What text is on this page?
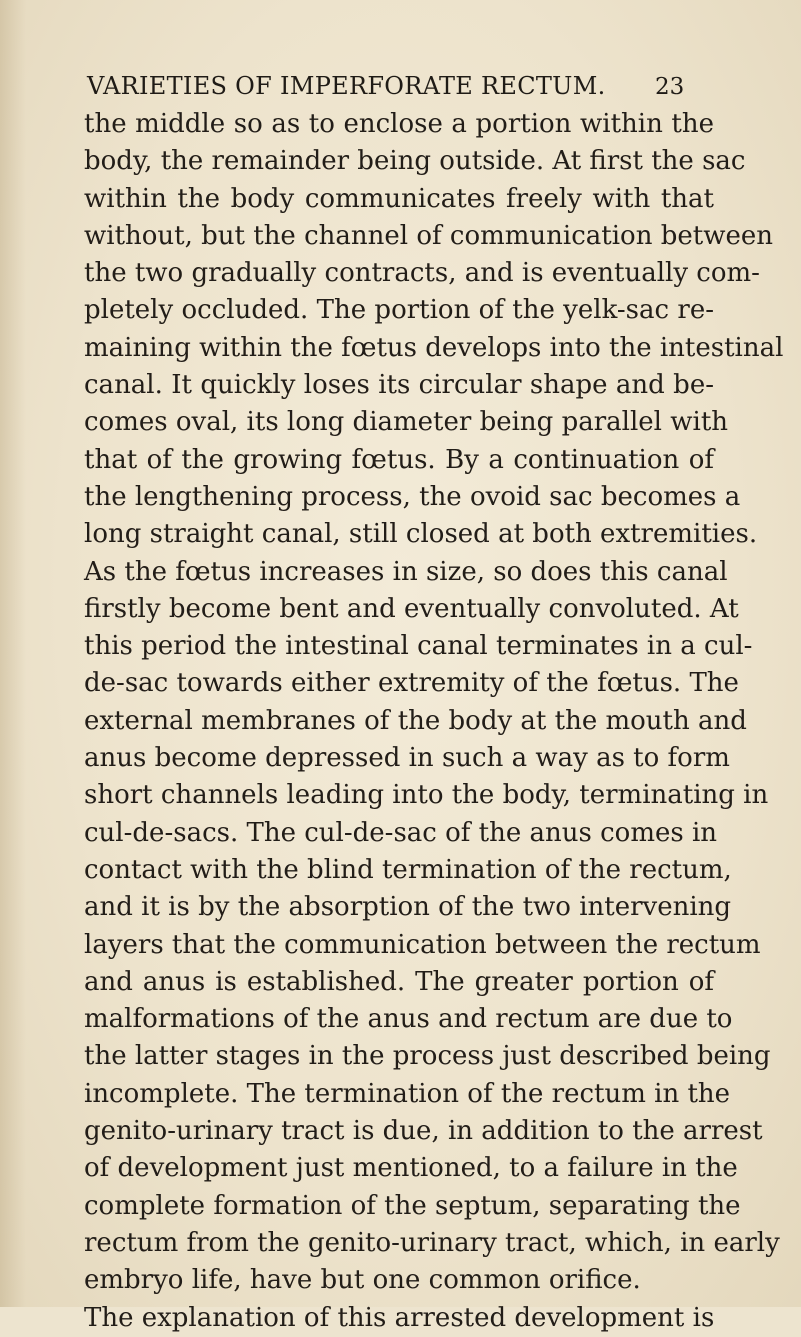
VARIETIES OF IMPERFORATE RECTUM. 23
the middle so as to enclose a portion within the
body, the remainder being outside. At first the sac
within the body communicates freely with that
without, but the channel of communication between
the two gradually contracts, and is eventually com-
pletely occluded. The portion of the yelk-sac re-
maining within the fœtus develops into the intestinal
canal. It quickly loses its circular shape and be-
comes oval, its long diameter being parallel with
that of the growing fœtus. By a continuation of
the lengthening process, the ovoid sac becomes a
long straight canal, still closed at both extremities.
As the fœtus increases in size, so does this canal
firstly become bent and eventually convoluted. At
this period the intestinal canal terminates in a cul-
de-sac towards either extremity of the fœtus. The
external membranes of the body at the mouth and
anus become depressed in such a way as to form
short channels leading into the body, terminating in
cul-de-sacs. The cul-de-sac of the anus comes in
contact with the blind termination of the rectum,
and it is by the absorption of the two intervening
layers that the communication between the rectum
and anus is established. The greater portion of
malformations of the anus and rectum are due to
the latter stages in the process just described being
incomplete. The termination of the rectum in the
genito-urinary tract is due, in addition to the arrest
of development just mentioned, to a failure in the
complete formation of the septum, separating the
rectum from the genito-urinary tract, which, in early
embryo life, have but one common orifice.
The explanation of this arrested development is
